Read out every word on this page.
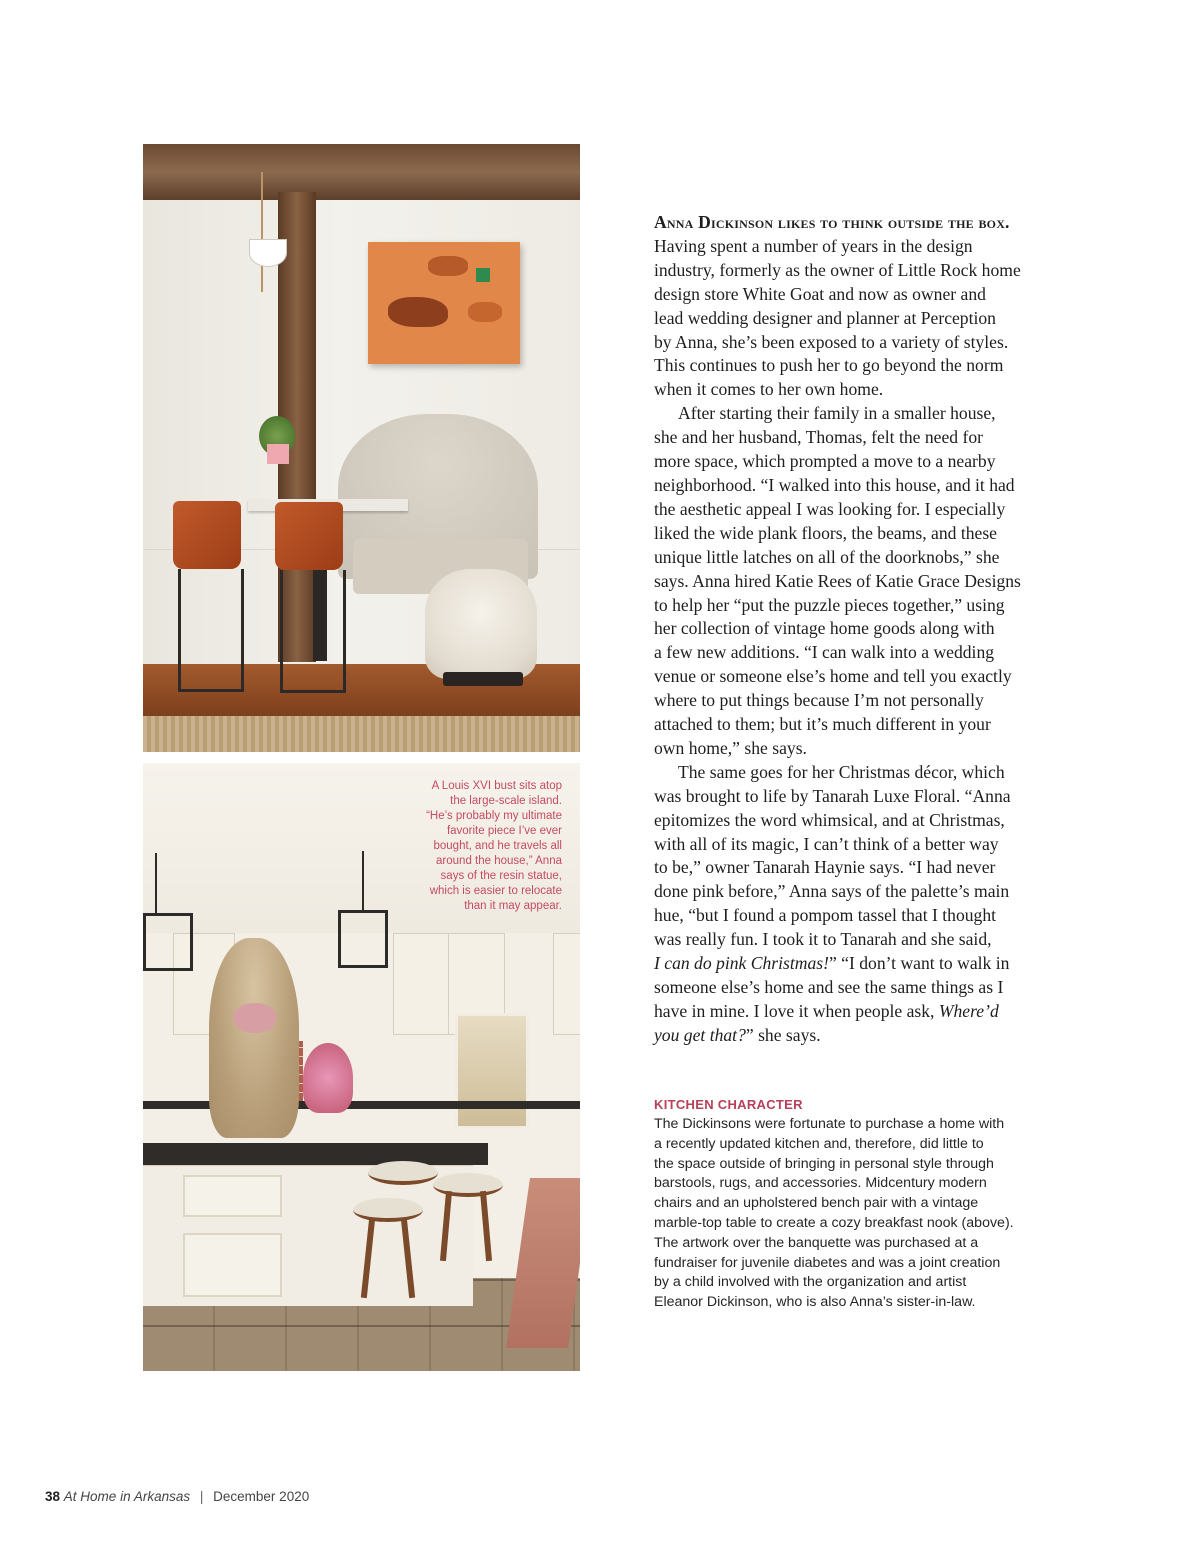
A Louis XVI bust sits atop
the large-scale island.
“He’s probably my ultimate
favorite piece I’ve ever
bought, and he travels all
around the house,” Anna
says of the resin statue,
which is easier to relocate
than it may appear.

Anna Dickinson likes to think outside the box.

Having spent a number of years in the design

industry, formerly as the owner of Little Rock home

design store White Goat and now as owner and

lead wedding designer and planner at Perception

by Anna, she’s been exposed to a variety of styles.

This continues to push her to go beyond the norm

when it comes to her own home.

After starting their family in a smaller house,

she and her husband, Thomas, felt the need for

more space, which prompted a move to a nearby

neighborhood. “I walked into this house, and it had

the aesthetic appeal I was looking for. I especially

liked the wide plank floors, the beams, and these

unique little latches on all of the doorknobs,” she

says. Anna hired Katie Rees of Katie Grace Designs

to help her “put the puzzle pieces together,” using

her collection of vintage home goods along with

a few new additions. “I can walk into a wedding

venue or someone else’s home and tell you exactly

where to put things because I’m not personally

attached to them; but it’s much different in your

own home,” she says.

The same goes for her Christmas décor, which

was brought to life by Tanarah Luxe Floral. “Anna

epitomizes the word whimsical, and at Christmas,

with all of its magic, I can’t think of a better way

to be,” owner Tanarah Haynie says. “I had never

done pink before,” Anna says of the palette’s main

hue, “but I found a pompom tassel that I thought

was really fun. I took it to Tanarah and she said,

I can do pink Christmas!” “I don’t want to walk in

someone else’s home and see the same things as I

have in mine. I love it when people ask, Where’d

you get that?” she says.

KITCHEN CHARACTER
The Dickinsons were fortunate to purchase a home with
a recently updated kitchen and, therefore, did little to
the space outside of bringing in personal style through
barstools, rugs, and accessories. Midcentury modern
chairs and an upholstered bench pair with a vintage
marble-top table to create a cozy breakfast nook (above).
The artwork over the banquette was purchased at a
fundraiser for juvenile diabetes and was a joint creation
by a child involved with the organization and artist
Eleanor Dickinson, who is also Anna’s sister-in-law.
38 At Home in Arkansas | December 2020
